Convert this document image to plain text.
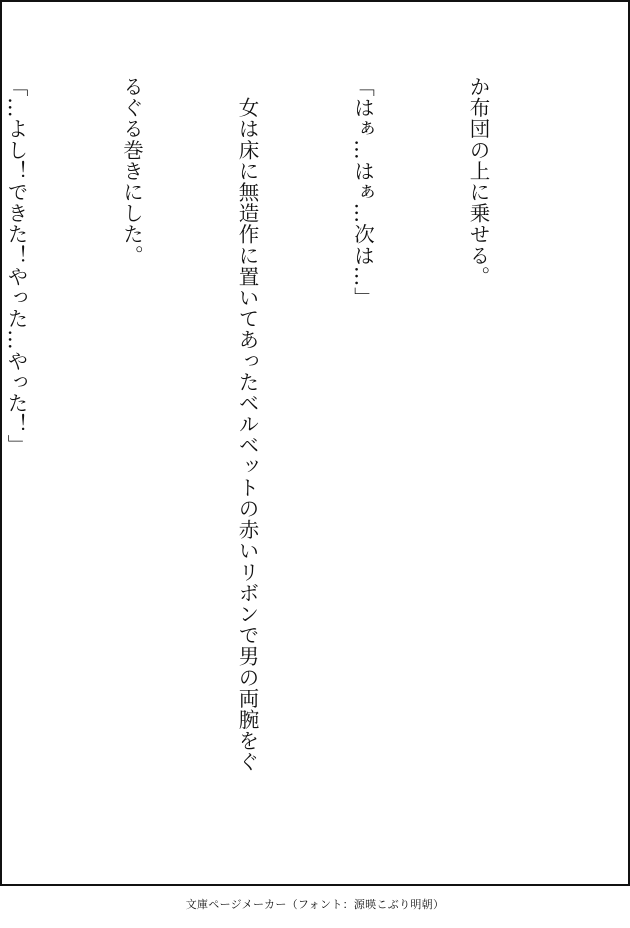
か布団の上に乗せる。

「はぁ…はぁ…次は…」

　女は床に無造作に置いてあったベルベットの赤いリボンで男の両腕をぐ

るぐる巻きにした。

「…よし！できた！やった…やった！」

文庫ページメーカー（フォント：源暎こぶり明朝）
